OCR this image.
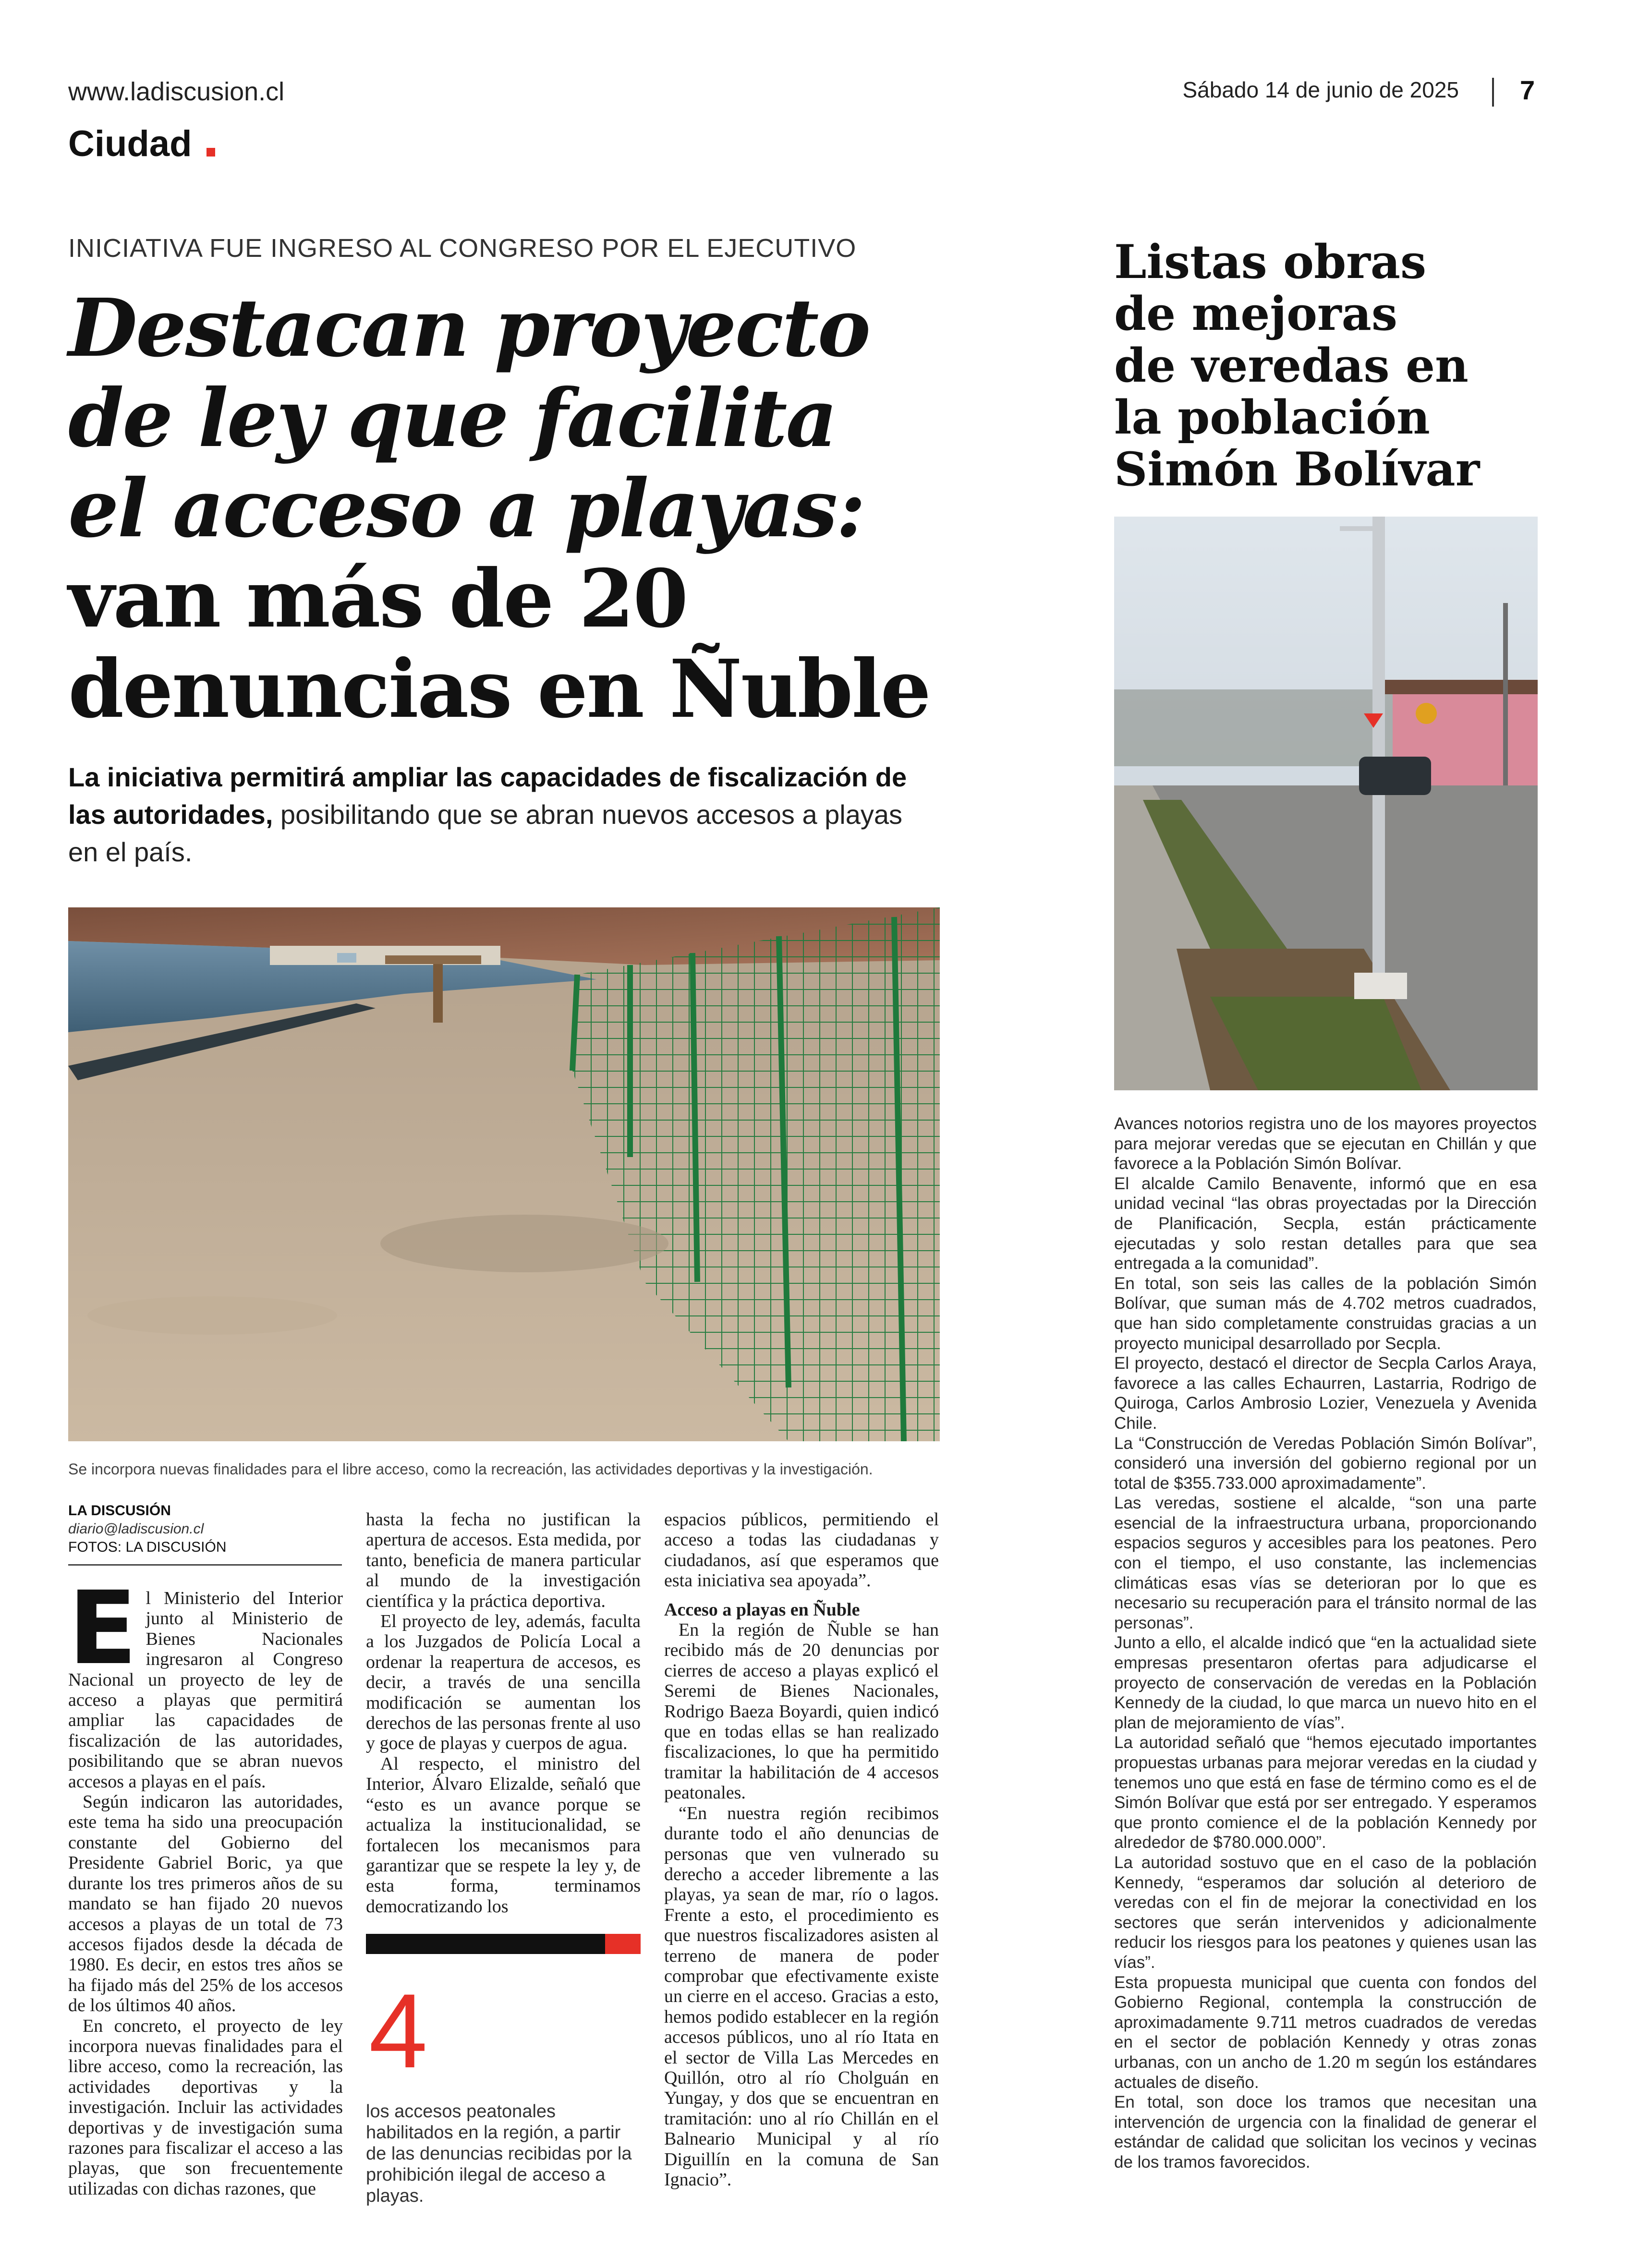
www.ladiscusion.cl	Sábado 14 de junio de 2025 7
Ciudad
INICIATIVA FUE INGRESO AL CONGRESO POR EL EJECUTIVO
Destacan proyecto
de ley que facilita
el acceso a playas:
van más de 20
denuncias en Ñuble
La iniciativa permitirá ampliar las capacidades de fiscalización de las autoridades, posibilitando que se abran nuevos accesos a playas en el país.
Se incorpora nuevas finalidades para el libre acceso, como la recreación, las actividades deportivas y la investigación.
LA DISCUSIÓN
diario@ladiscusion.cl
FOTOS: LA DISCUSIÓN
E l Ministerio del Interior junto al Ministerio de Bienes Nacionales ingresaron al Congreso Nacional un proyecto de ley de acceso a playas que permitirá ampliar las capacidades de fiscalización de las autoridades, posibilitando que se abran nuevos accesos a playas en el país.

Según indicaron las autoridades, este tema ha sido una preocupación constante del Gobierno del Presidente Gabriel Boric, ya que durante los tres primeros años de su mandato se han fijado 20 nuevos accesos a playas de un total de 73 accesos fijados desde la década de 1980. Es decir, en estos tres años se ha fijado más del 25% de los accesos de los últimos 40 años.

En concreto, el proyecto de ley incorpora nuevas finalidades para el libre acceso, como la recreación, las actividades deportivas y la investigación. Incluir las actividades deportivas y de investigación suma razones para fiscalizar el acceso a las playas, que son frecuentemente utilizadas con dichas razones, que

hasta la fecha no justifican la apertura de accesos. Esta medida, por tanto, beneficia de manera particular al mundo de la investigación científica y la práctica deportiva.

El proyecto de ley, además, faculta a los Juzgados de Policía Local a ordenar la reapertura de accesos, es decir, a través de una sencilla modificación se aumentan los derechos de las personas frente al uso y goce de playas y cuerpos de agua.

Al respecto, el ministro del Interior, Álvaro Elizalde, señaló que “esto es un avance porque se actualiza la institucionalidad, se fortalecen los mecanismos para garantizar que se respete la ley y, de esta forma, terminamos democratizando los

4
los accesos peatonales habilitados en la región, a partir de las denuncias recibidas por la prohibición ilegal de acceso a playas.

espacios públicos, permitiendo el acceso a todas las ciudadanas y ciudadanos, así que esperamos que esta iniciativa sea apoyada”.

Acceso a playas en Ñuble

En la región de Ñuble se han recibido más de 20 denuncias por cierres de acceso a playas explicó el Seremi de Bienes Nacionales, Rodrigo Baeza Boyardi, quien indicó que en todas ellas se han realizado fiscalizaciones, lo que ha permitido tramitar la habilitación de 4 accesos peatonales.

“En nuestra región recibimos durante todo el año denuncias de personas que ven vulnerado su derecho a acceder libremente a las playas, ya sean de mar, río o lagos. Frente a esto, el procedimiento es que nuestros fiscalizadores asisten al terreno de manera de poder comprobar que efectivamente existe un cierre en el acceso. Gracias a esto, hemos podido establecer en la región accesos públicos, uno al río Itata en el sector de Villa Las Mercedes en Quillón, otro al río Cholguán en Yungay, y dos que se encuentran en tramitación: uno al río Chillán en el Balneario Municipal y al río Diguillín en la comuna de San Ignacio”.

Listas obras
de mejoras
de veredas en
la población
Simón Bolívar

Avances notorios registra uno de los mayores proyectos para mejorar veredas que se ejecutan en Chillán y que favorece a la Población Simón Bolívar.

El alcalde Camilo Benavente, informó que en esa unidad vecinal “las obras proyectadas por la Dirección de Planificación, Secpla, están prácticamente ejecutadas y solo restan detalles para que sea entregada a la comunidad”.

En total, son seis las calles de la población Simón Bolívar, que suman más de 4.702 metros cuadrados, que han sido completamente construidas gracias a un proyecto municipal desarrollado por Secpla.

El proyecto, destacó el director de Secpla Carlos Araya, favorece a las calles Echaurren, Lastarria, Rodrigo de Quiroga, Carlos Ambrosio Lozier, Venezuela y Avenida Chile.

La “Construcción de Veredas Población Simón Bolívar”, consideró una inversión del gobierno regional por un total de $355.733.000 aproximadamente”.

Las veredas, sostiene el alcalde, “son una parte esencial de la infraestructura urbana, proporcionando espacios seguros y accesibles para los peatones. Pero con el tiempo, el uso constante, las inclemencias climáticas esas vías se deterioran por lo que es necesario su recuperación para el tránsito normal de las personas”.

Junto a ello, el alcalde indicó que “en la actualidad siete empresas presentaron ofertas para adjudicarse el proyecto de conservación de veredas en la Población Kennedy de la ciudad, lo que marca un nuevo hito en el plan de mejoramiento de vías”.

La autoridad señaló que “hemos ejecutado importantes propuestas urbanas para mejorar veredas en la ciudad y tenemos uno que está en fase de término como es el de Simón Bolívar que está por ser entregado. Y esperamos que pronto comience el de la población Kennedy por alrededor de $780.000.000”.

La autoridad sostuvo que en el caso de la población Kennedy, “esperamos dar solución al deterioro de veredas con el fin de mejorar la conectividad en los sectores que serán intervenidos y adicionalmente reducir los riesgos para los peatones y quienes usan las vías”.

Esta propuesta municipal que cuenta con fondos del Gobierno Regional, contempla la construcción de aproximadamente 9.711 metros cuadrados de veredas en el sector de población Kennedy y otras zonas urbanas, con un ancho de 1.20 m según los estándares actuales de diseño.

En total, son doce los tramos que necesitan una intervención de urgencia con la finalidad de generar el estándar de calidad que solicitan los vecinos y vecinas de los tramos favorecidos.
